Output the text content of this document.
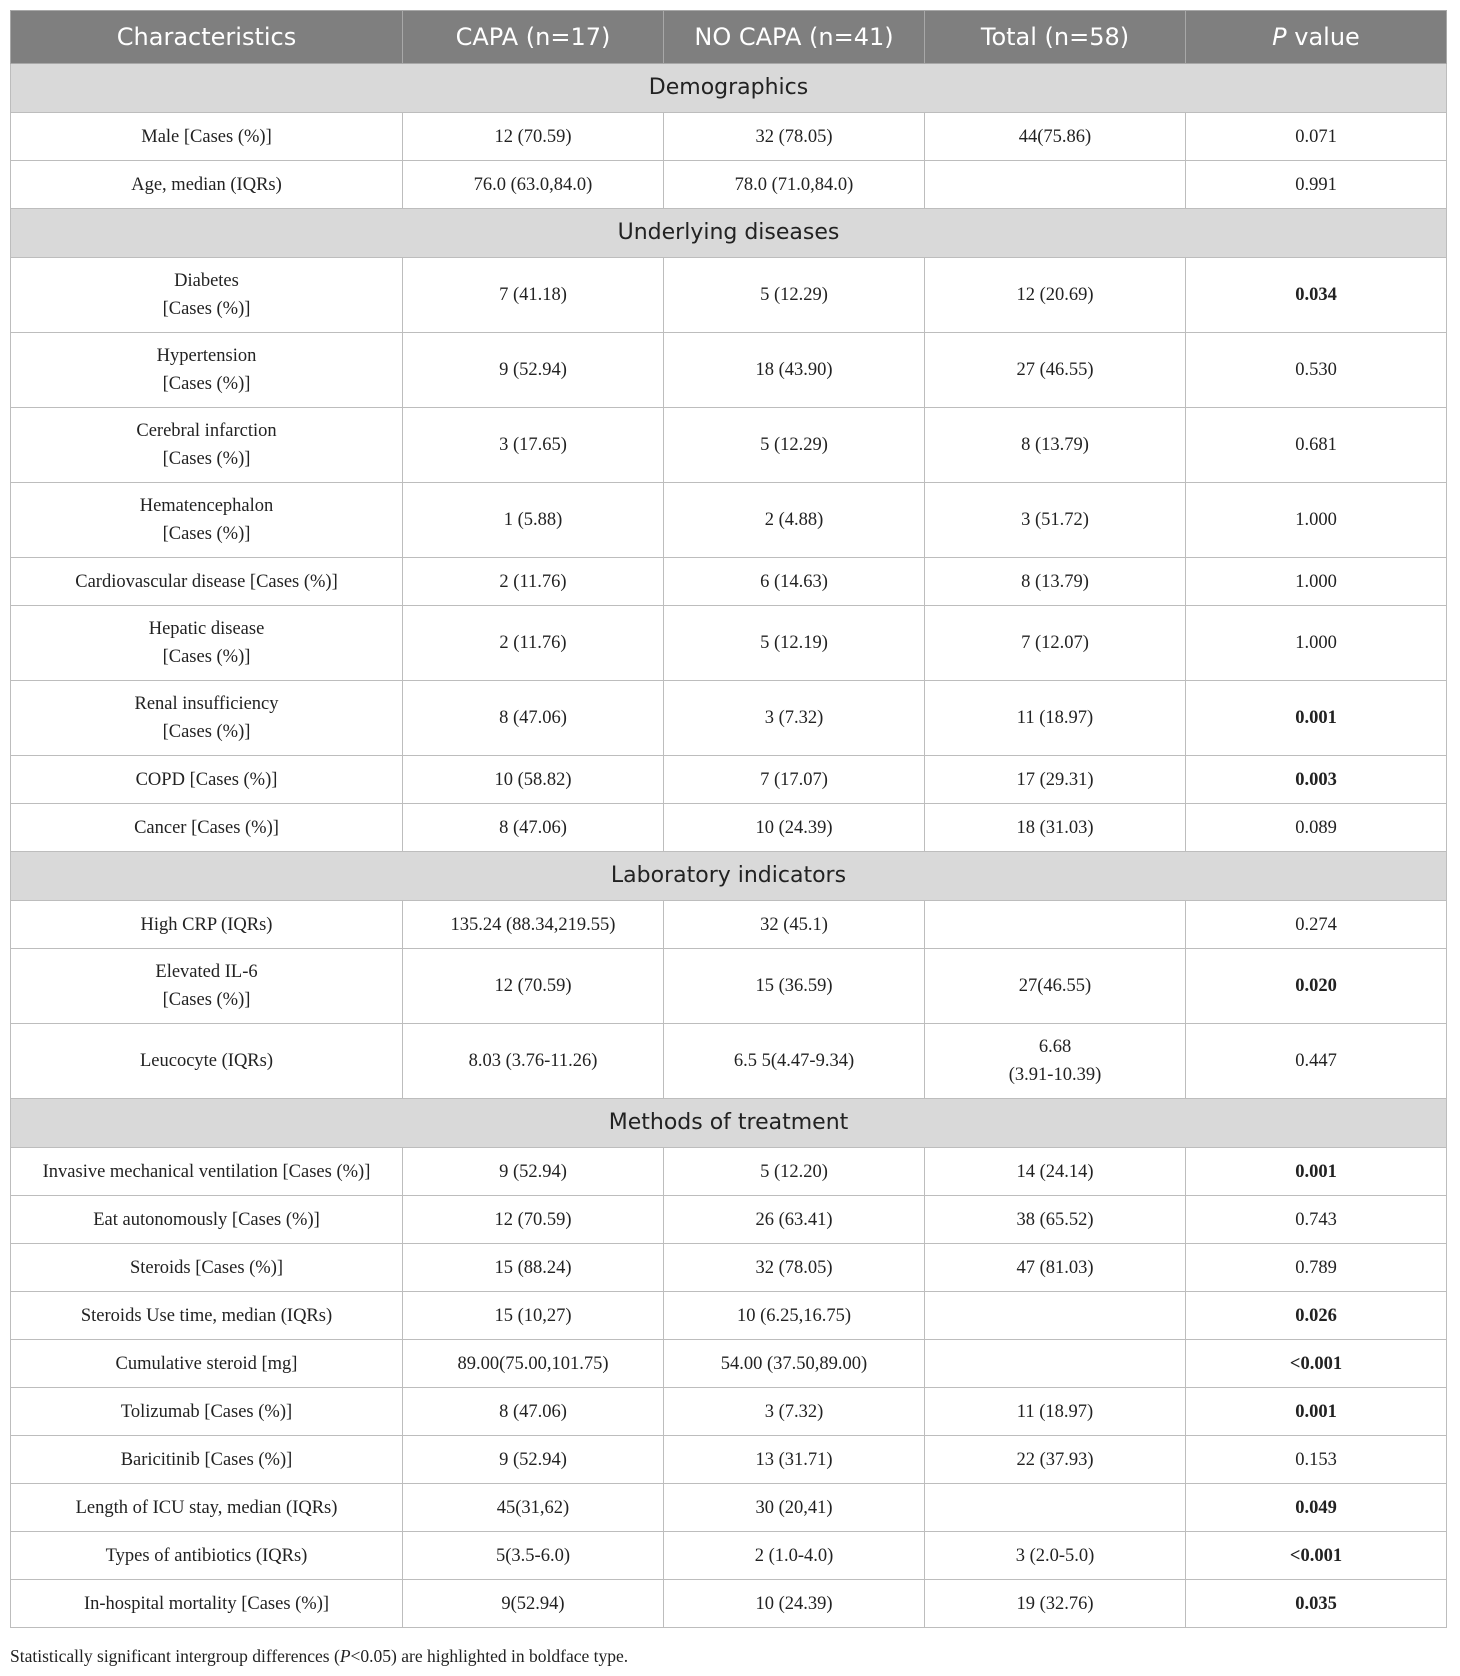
Characteristics	CAPA (n=17)	NO CAPA (n=41)	Total (n=58)	P value
Demographics				

Male [Cases (%)]	12 (70.59)	32 (78.05)	44(75.86)	0.071

Age, median (IQRs)	76.0 (63.0,84.0)	78.0 (71.0,84.0)		0.991
Underlying diseases				

Diabetes
[Cases (%)]	7 (41.18)	5 (12.29)	12 (20.69)	0.034

Hypertension
[Cases (%)]	9 (52.94)	18 (43.90)	27 (46.55)	0.530

Cerebral infarction
[Cases (%)]	3 (17.65)	5 (12.29)	8 (13.79)	0.681

Hematencephalon
[Cases (%)]	1 (5.88)	2 (4.88)	3 (51.72)	1.000

Cardiovascular disease [Cases (%)]	2 (11.76)	6 (14.63)	8 (13.79)	1.000

Hepatic disease
[Cases (%)]	2 (11.76)	5 (12.19)	7 (12.07)	1.000

Renal insufficiency
[Cases (%)]	8 (47.06)	3 (7.32)	11 (18.97)	0.001

COPD [Cases (%)]	10 (58.82)	7 (17.07)	17 (29.31)	0.003

Cancer [Cases (%)]	8 (47.06)	10 (24.39)	18 (31.03)	0.089
Laboratory indicators				

High CRP (IQRs)	135.24 (88.34,219.55)	32 (45.1)		0.274

Elevated IL-6
[Cases (%)]	12 (70.59)	15 (36.59)	27(46.55)	0.020

Leucocyte (IQRs)	8.03 (3.76-11.26)	6.5 5(4.47-9.34)	6.68
(3.91-10.39)	0.447
Methods of treatment				

Invasive mechanical ventilation [Cases (%)]	9 (52.94)	5 (12.20)	14 (24.14)	0.001

Eat autonomously [Cases (%)]	12 (70.59)	26 (63.41)	38 (65.52)	0.743

Steroids [Cases (%)]	15 (88.24)	32 (78.05)	47 (81.03)	0.789

Steroids Use time, median (IQRs)	15 (10,27)	10 (6.25,16.75)		0.026

Cumulative steroid [mg]	89.00(75.00,101.75)	54.00 (37.50,89.00)		<0.001

Tolizumab [Cases (%)]	8 (47.06)	3 (7.32)	11 (18.97)	0.001

Baricitinib [Cases (%)]	9 (52.94)	13 (31.71)	22 (37.93)	0.153

Length of ICU stay, median (IQRs)	45(31,62)	30 (20,41)		0.049

Types of antibiotics (IQRs)	5(3.5-6.0)	2 (1.0-4.0)	3 (2.0-5.0)	<0.001

In-hospital mortality [Cases (%)]	9(52.94)	10 (24.39)	19 (32.76)	0.035
Statistically significant intergroup differences (P<0.05) are highlighted in boldface type.
